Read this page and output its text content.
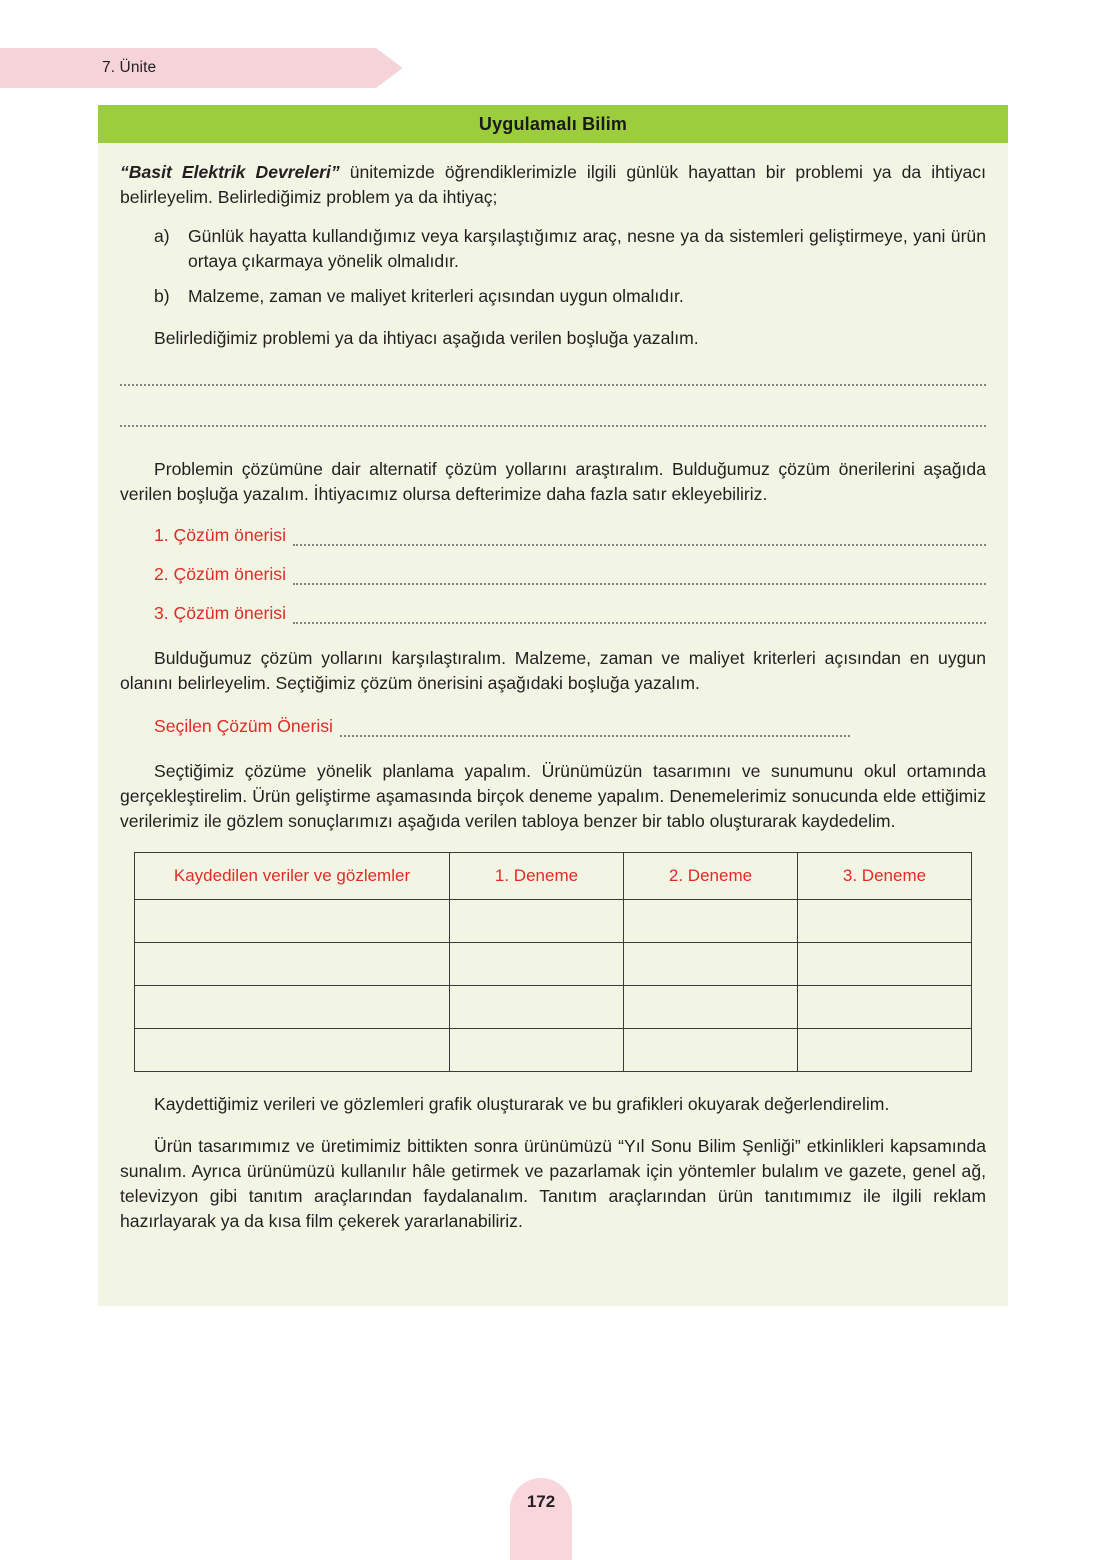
7. Ünite
Uygulamalı Bilim

“Basit Elektrik Devreleri” ünitemizde öğrendiklerimizle ilgili günlük hayattan bir problemi ya da ihtiyacı belirleyelim. Belirlediğimiz problem ya da ihtiyaç;

a)	Günlük hayatta kullandığımız veya karşılaştığımız araç, nesne ya da sistemleri geliştirmeye, yani ürün ortaya çıkarmaya yönelik olmalıdır.
b)	Malzeme, zaman ve maliyet kriterleri açısından uygun olmalıdır.

Belirlediğimiz problemi ya da ihtiyacı aşağıda verilen boşluğa yazalım.

Problemin çözümüne dair alternatif çözüm yollarını araştıralım. Bulduğumuz çözüm önerilerini aşağıda verilen boşluğa yazalım. İhtiyacımız olursa defterimize daha fazla satır ekleyebiliriz.

1. Çözüm önerisi
2. Çözüm önerisi
3. Çözüm önerisi

Bulduğumuz çözüm yollarını karşılaştıralım. Malzeme, zaman ve maliyet kriterleri açısından en uygun olanını belirleyelim. Seçtiğimiz çözüm önerisini aşağıdaki boşluğa yazalım.

Seçilen Çözüm Önerisi

Seçtiğimiz çözüme yönelik planlama yapalım. Ürünümüzün tasarımını ve sunumunu okul ortamında gerçekleştirelim. Ürün geliştirme aşamasında birçok deneme yapalım. Denemelerimiz sonucunda elde ettiğimiz verilerimiz ile gözlem sonuçlarımızı aşağıda verilen tabloya benzer bir tablo oluşturarak kaydedelim.

Kaydedilen veriler ve gözlemler	1. Deneme	2. Deneme	3. Deneme

Kaydettiğimiz verileri ve gözlemleri grafik oluşturarak ve bu grafikleri okuyarak değerlendirelim.

Ürün tasarımımız ve üretimimiz bittikten sonra ürünümüzü “Yıl Sonu Bilim Şenliği” etkinlikleri kapsamında sunalım. Ayrıca ürünümüzü kullanılır hâle getirmek ve pazarlamak için yöntemler bulalım ve gazete, genel ağ, televizyon gibi tanıtım araçlarından faydalanalım. Tanıtım araçlarından ürün tanıtımımız ile ilgili reklam hazırlayarak ya da kısa film çekerek yararlanabiliriz.

172
